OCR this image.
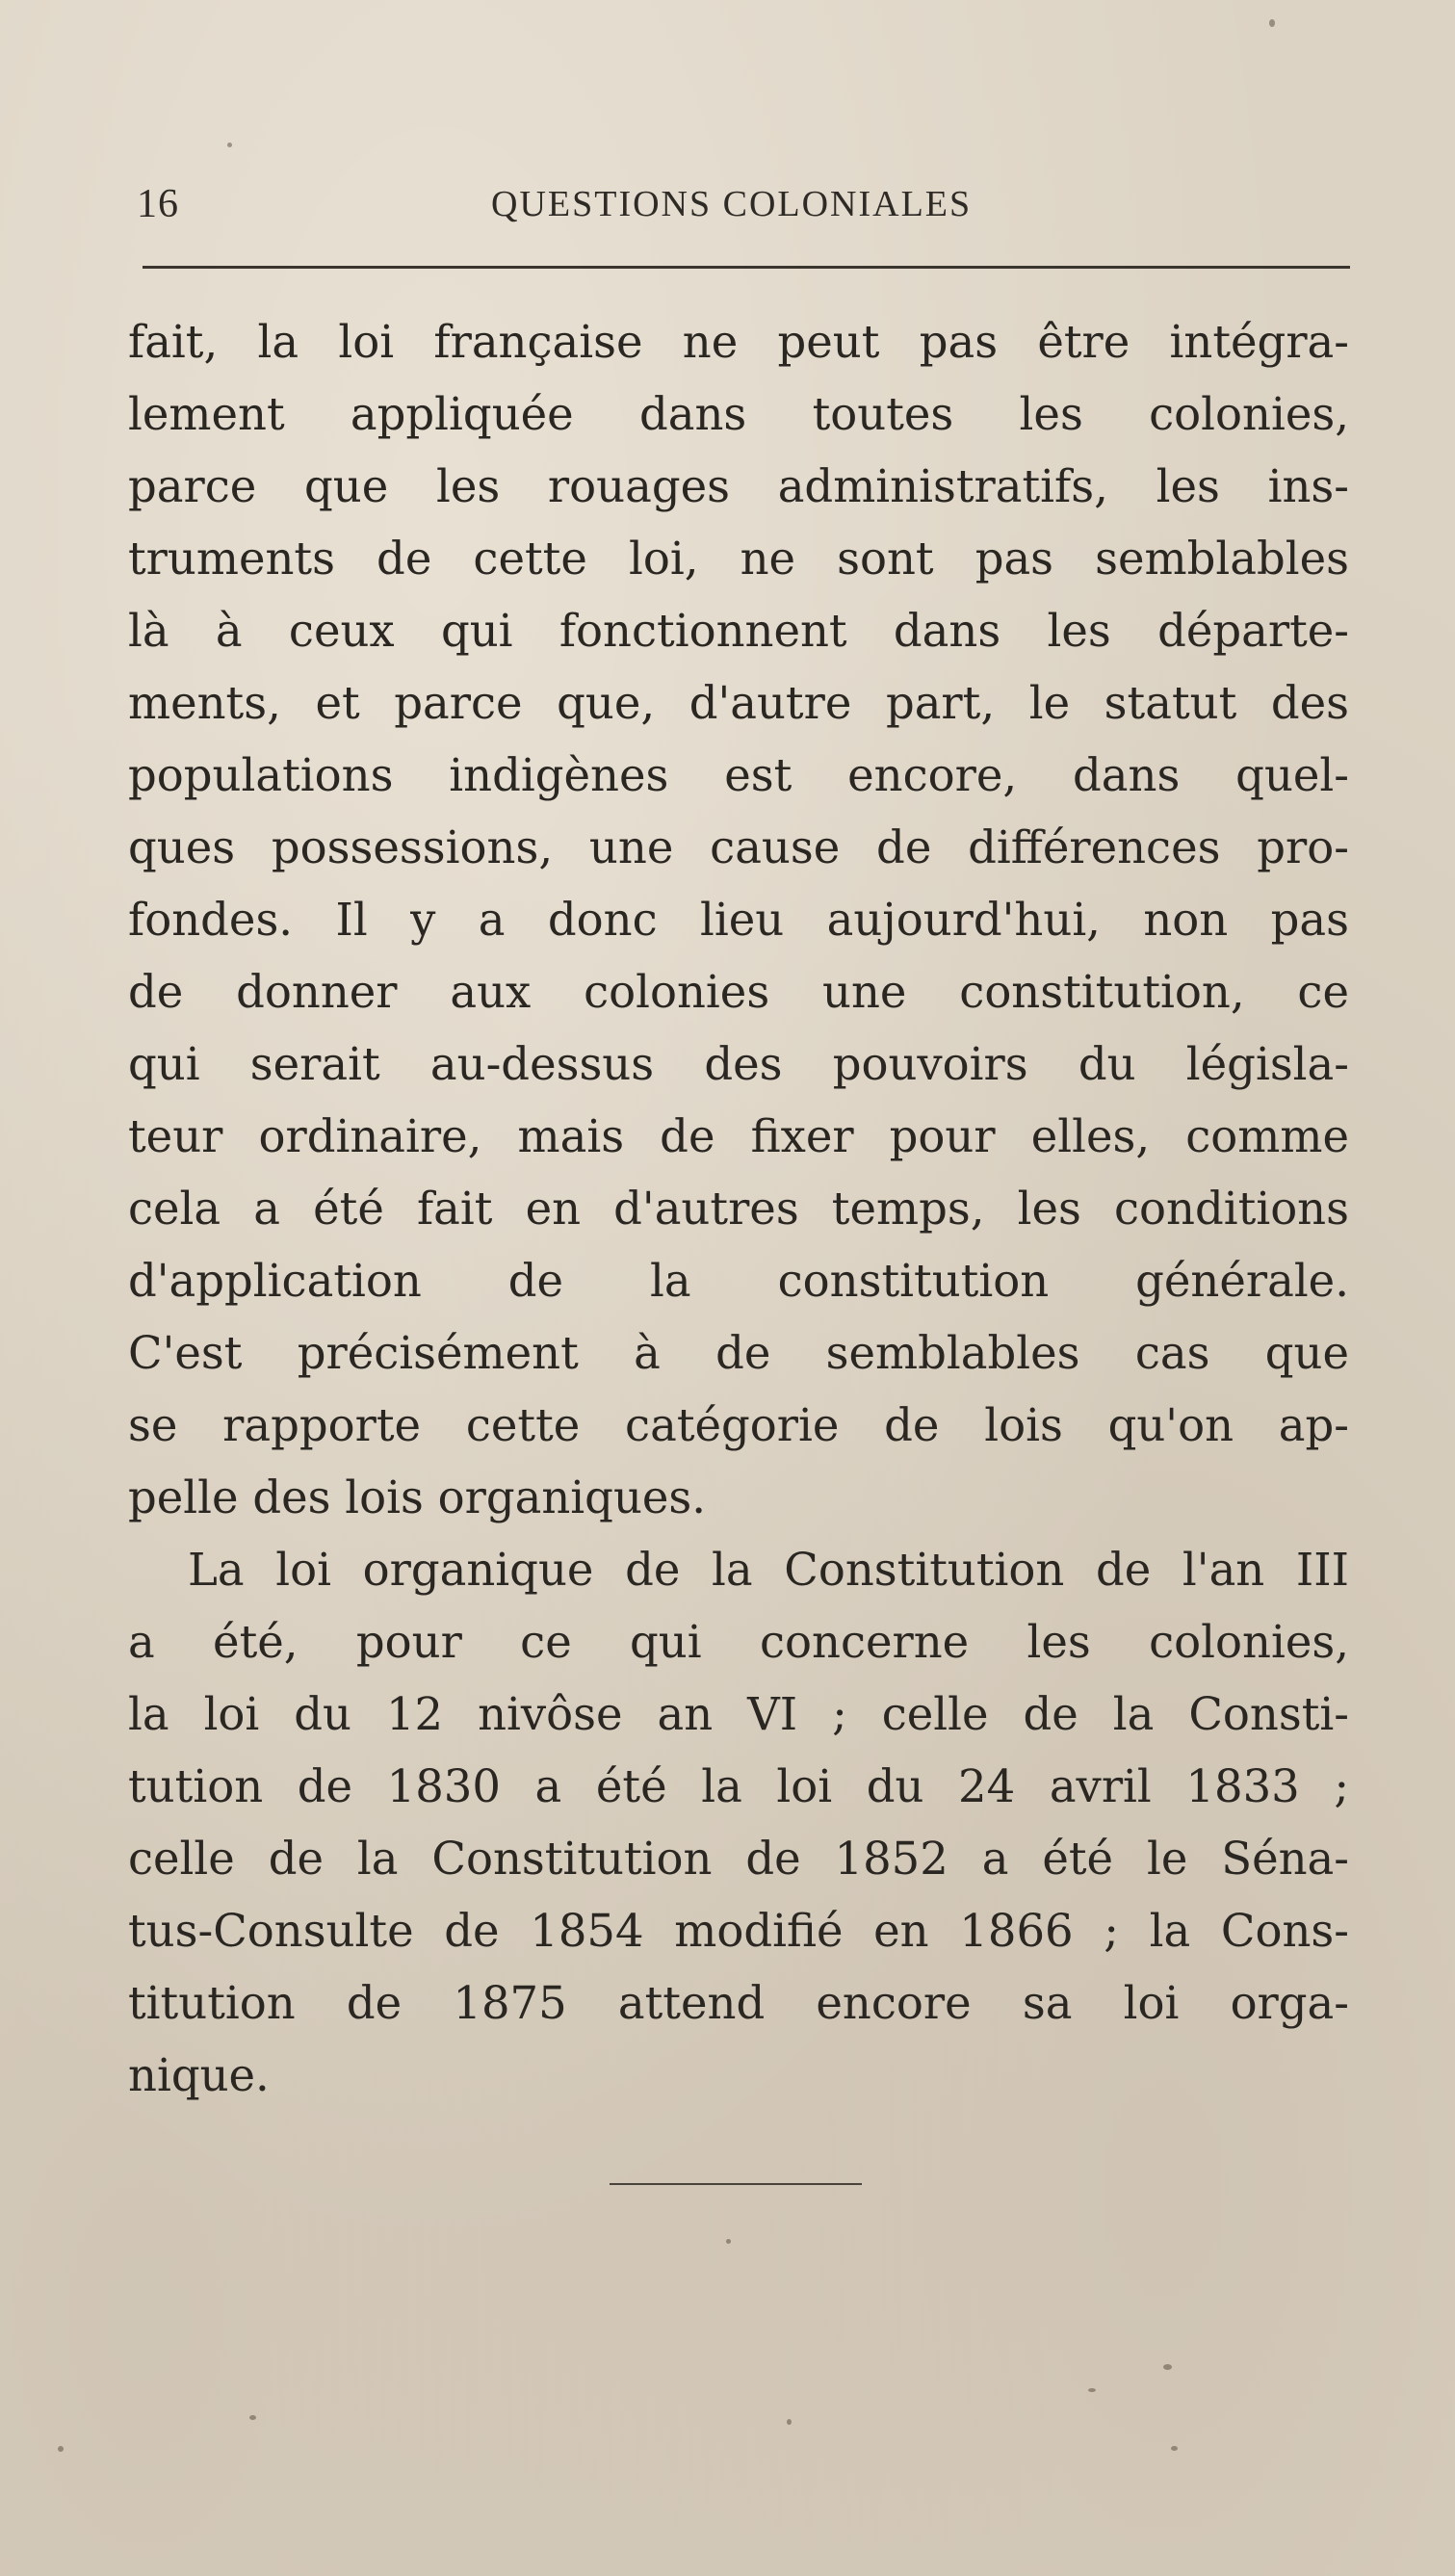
16	QUESTIONS COLONIALES
fait, la loi française ne peut pas être intégra-
lement appliquée dans toutes les colonies,
parce que les rouages administratifs, les ins-
truments de cette loi, ne sont pas semblables
là à ceux qui fonctionnent dans les départe-
ments, et parce que, d'autre part, le statut des
populations indigènes est encore, dans quel-
ques possessions, une cause de différences pro-
fondes. Il y a donc lieu aujourd'hui, non pas
de donner aux colonies une constitution, ce
qui serait au-dessus des pouvoirs du législa-
teur ordinaire, mais de fixer pour elles, comme
cela a été fait en d'autres temps, les conditions
d'application de la constitution générale.
C'est précisément à de semblables cas que
se rapporte cette catégorie de lois qu'on ap-
pelle des lois organiques.
La loi organique de la Constitution de l'an III
a été, pour ce qui concerne les colonies,
la loi du 12 nivôse an VI ; celle de la Consti-
tution de 1830 a été la loi du 24 avril 1833 ;
celle de la Constitution de 1852 a été le Séna-
tus-Consulte de 1854 modifié en 1866 ; la Cons-
titution de 1875 attend encore sa loi orga-
nique.
